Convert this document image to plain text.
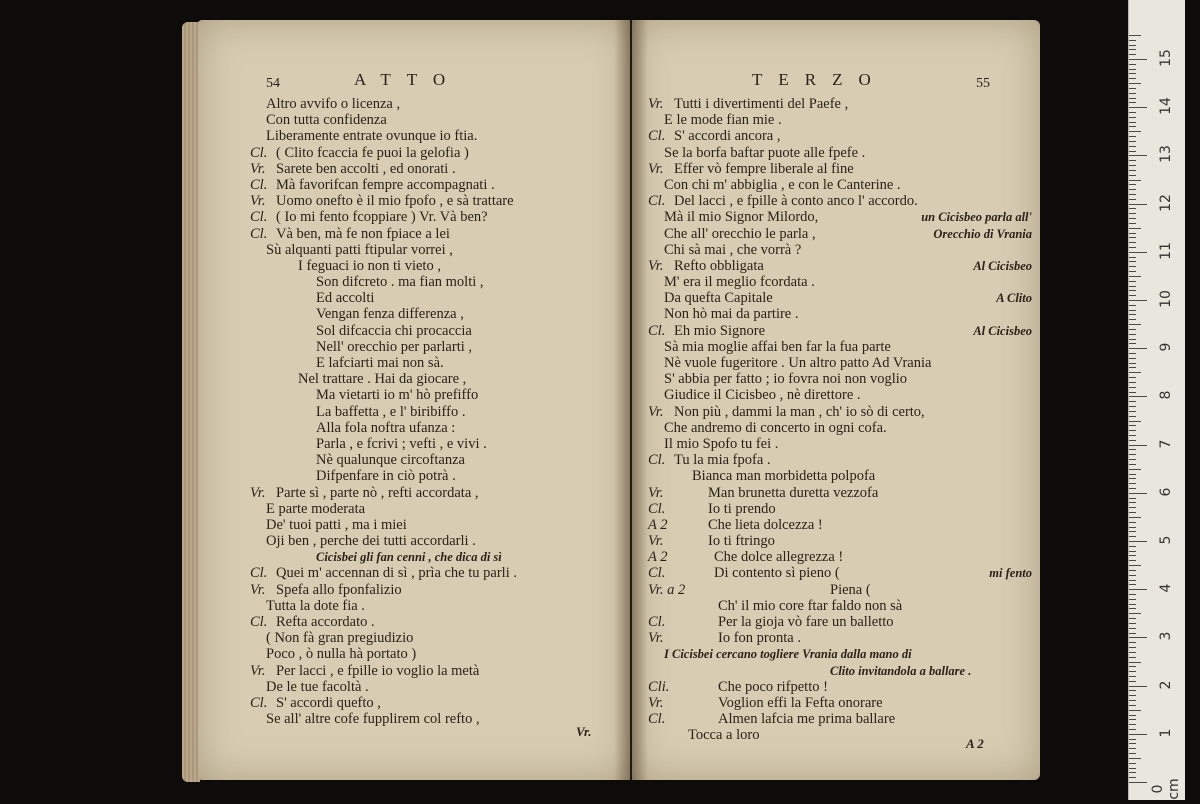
54	ATTO
Altro avvifo o licenza ,
Con tutta confidenza
Liberamente entrate ovunque io ftia.
Cl. ( Clito fcaccia fe puoi la gelofia )
Vr. Sarete ben accolti , ed onorati .
Cl. Mà favorifcan fempre accompagnati .
Vr. Uomo onefto è il mio fpofo , e sà trattare
Cl. ( Io mi fento fcoppiare ) Vr. Và ben?
Cl. Và ben, mà fe non fpiace a lei
Sù alquanti patti ftipular vorrei ,
I feguaci io non ti vieto ,
Son difcreto . ma fian molti ,
Ed accolti
Vengan fenza differenza ,
Sol difcaccia chi procaccia
Nell' orecchio per parlarti ,
E lafciarti mai non sà.
Nel trattare . Hai da giocare ,
Ma vietarti io m' hò prefiffo
La baffetta , e l' biribiffo .
Alla fola noftra ufanza :
Parla , e fcrivi ; vefti , e vivi .
Nè qualunque circoftanza
Difpenfare in ciò potrà .
Vr. Parte sì , parte nò , refti accordata ,
E parte moderata
De' tuoi patti , ma i miei
Oji ben , perche dei tutti accordarli .
Cicisbei gli fan cenni , che dica di sì
Cl. Quei m' accennan di sì , prìa che tu parli .
Vr. Spefa allo fponfalizio
Tutta la dote fia .
Cl. Refta accordato .
( Non fà gran pregiudizio
Poco , ò nulla hà portato )
Vr. Per lacci , e fpille io voglio la metà
De le tue facoltà .
Cl. S' accordi quefto ,
Se all' altre cofe fupplirem col refto ,
Vr.
TERZO	55
Vr. Tutti i divertimenti del Paefe ,
E le mode fian mie .
Cl. S' accordi ancora ,
Se la borfa baftar puote alle fpefe .
Vr. Effer vò fempre liberale al fine
Con chi m' abbiglia , e con le Canterine .
Cl. Del lacci , e fpille à conto anco l' accordo.
Mà il mio Signor Milordo,	un Cicisbeo parla all'
Che all' orecchio le parla ,	Orecchio di Vrania
Chi sà mai , che vorrà ?
Vr. Refto obbligata	Al Cicisbeo
M' era il meglio fcordata .
Da quefta Capitale	A Clito
Non hò mai da partire .
Cl. Eh mio Signore	Al Cicisbeo
Sà mia moglie affai ben far la fua parte
Nè vuole fugeritore . Un altro patto Ad Vrania
S' abbia per fatto ; io fovra noi non voglio
Giudice il Cicisbeo , nè direttore .
Vr. Non più , dammi la man , ch' io sò di certo,
Che andremo di concerto in ogni cofa.
Il mio Spofo tu fei .
Cl. Tu la mia fpofa .
Bianca man morbidetta polpofa
Vr.	Man brunetta duretta vezzofa
Cl.	Io ti prendo
A 2	Che lieta dolcezza !
Vr.	Io ti ftringo
A 2	Che dolce allegrezza !
Cl.	Di contento sì pieno (	mi fento
Vr. a 2	Piena (
Ch' il mio core ftar faldo non sà
Cl.	Per la gioja vò fare un balletto
Vr.	Io fon pronta .
I Cicisbei cercano togliere Vrania dalla mano di
Clito invitandola a ballare .
Cli.	Che poco rifpetto !
Vr.	Voglion effi la Fefta onorare
Cl.	Almen lafcia me prima ballare
Tocca a loro
A 2
0 cm
1
2
3
4
5
6
7
8
9
10
11
12
13
14
15
